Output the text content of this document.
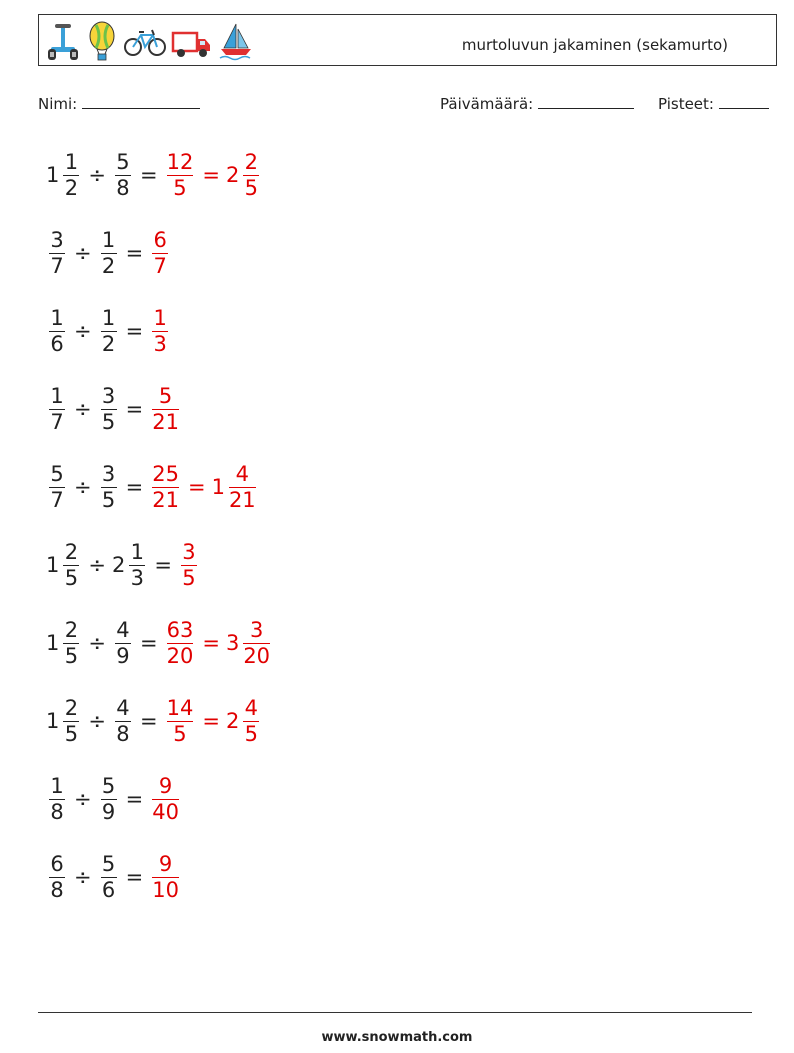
murtoluvun jakaminen (sekamurto)
Nimi:	Päivämäärä:	Pisteet:
$1 \frac{1}{2} \div \frac{5}{8} = \frac{12}{5} = 2 \frac{2}{5}$
$\frac{3}{7} \div \frac{1}{2} = \frac{6}{7}$
$\frac{1}{6} \div \frac{1}{2} = \frac{1}{3}$
$\frac{1}{7} \div \frac{3}{5} = \frac{5}{21}$
$\frac{5}{7} \div \frac{3}{5} = \frac{25}{21} = 1 \frac{4}{21}$
$1 \frac{2}{5} \div 2 \frac{1}{3} = \frac{3}{5}$
$1 \frac{2}{5} \div \frac{4}{9} = \frac{63}{20} = 3 \frac{3}{20}$
$1 \frac{2}{5} \div \frac{4}{8} = \frac{14}{5} = 2 \frac{4}{5}$
$\frac{1}{8} \div \frac{5}{9} = \frac{9}{40}$
$\frac{6}{8} \div \frac{5}{6} = \frac{9}{10}$
www.snowmath.com
